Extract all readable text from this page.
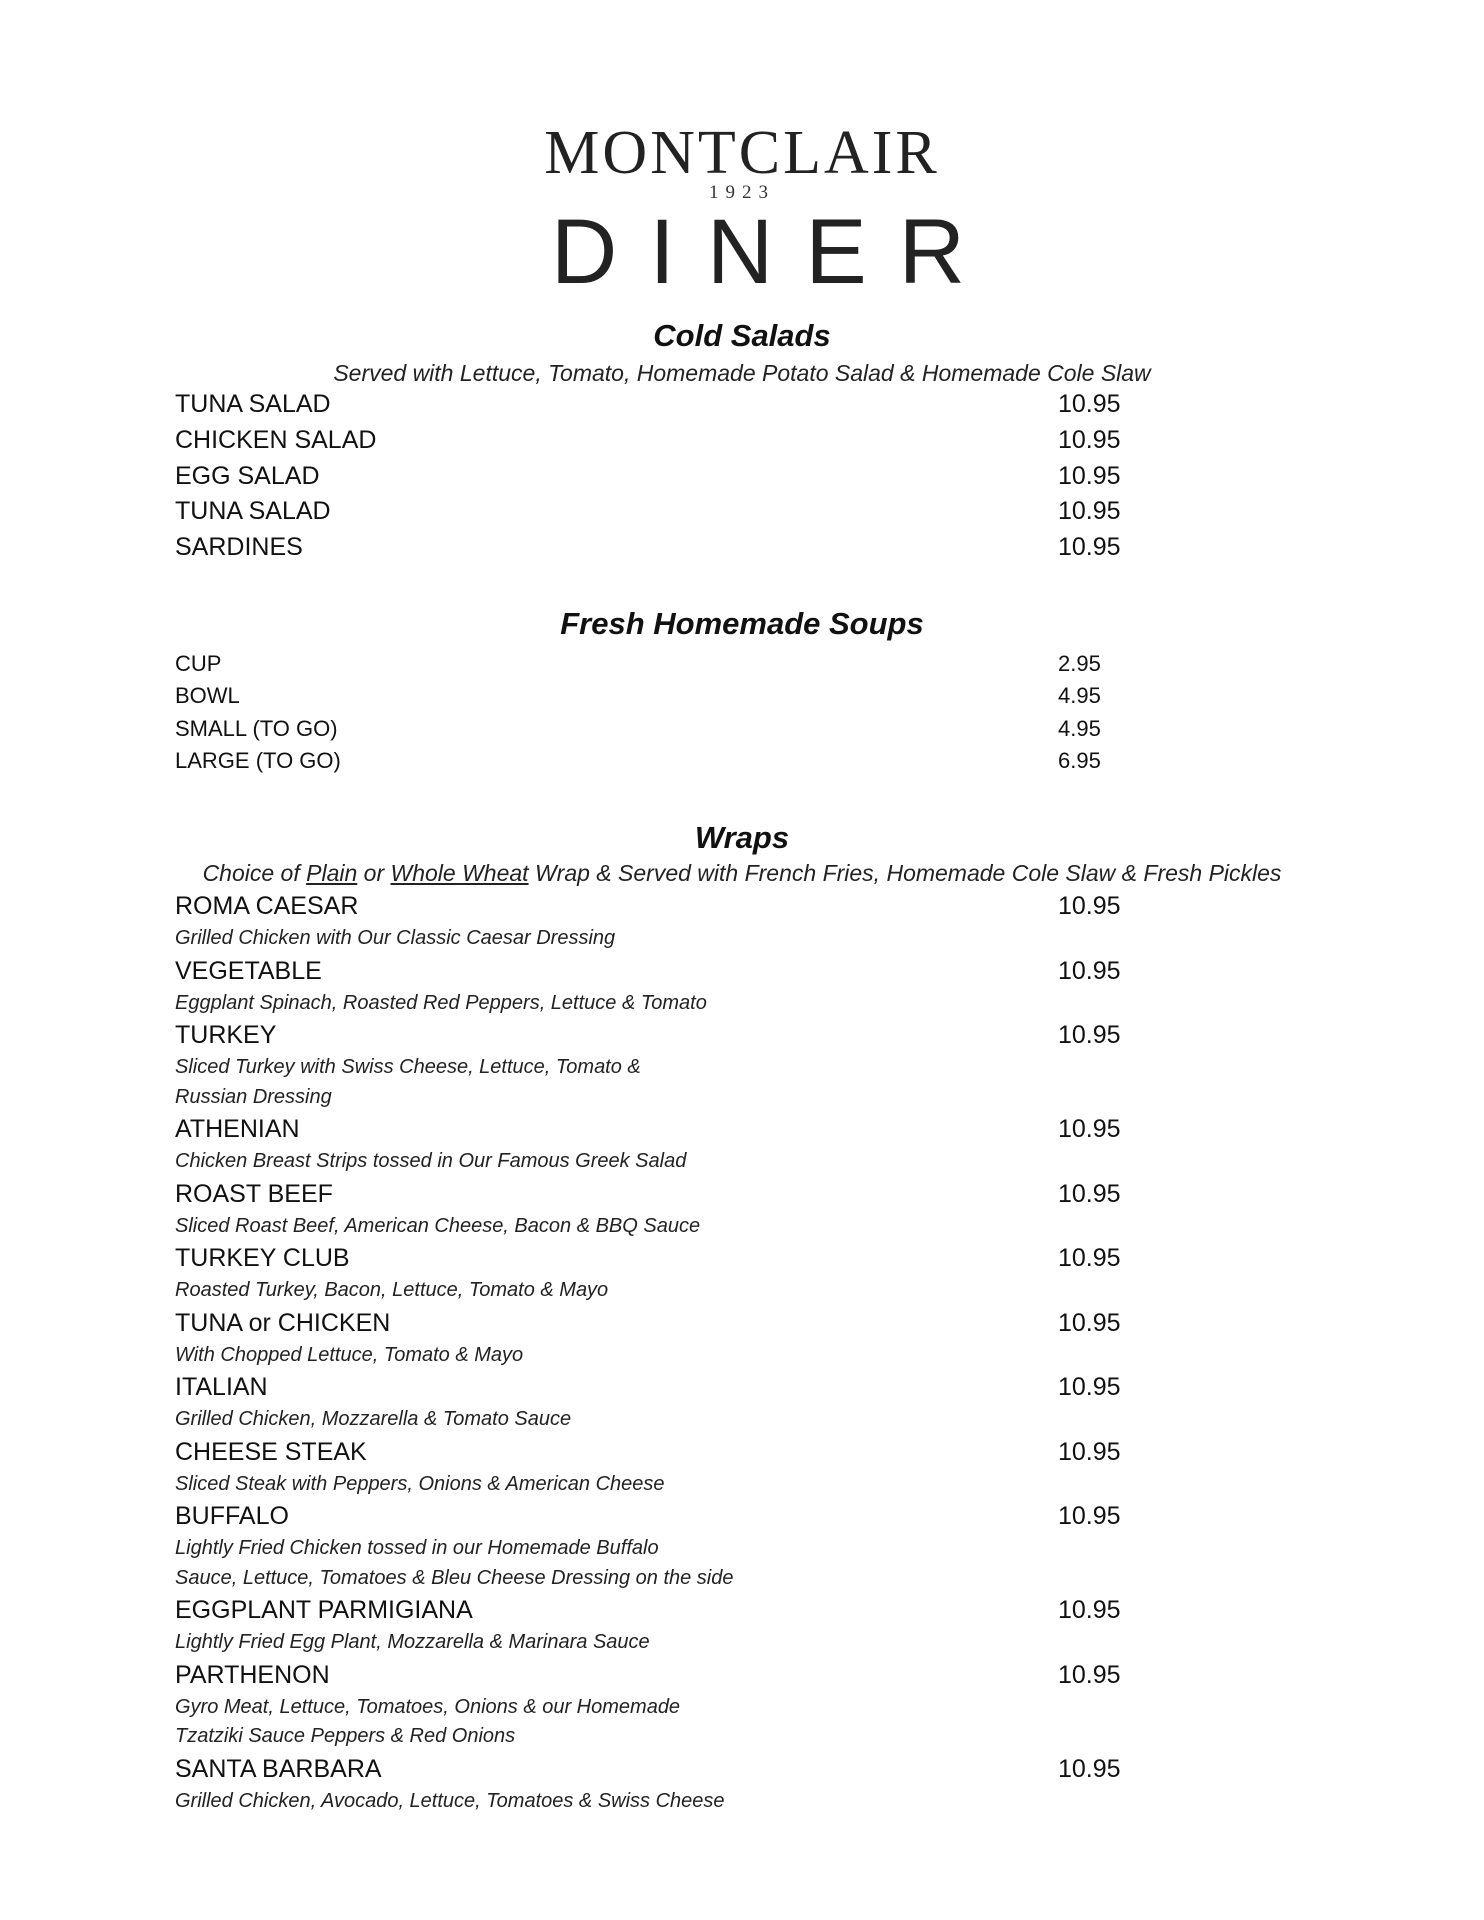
MONTCLAIR
1923
DINER
Cold Salads
Served with Lettuce, Tomato, Homemade Potato Salad & Homemade Cole Slaw
TUNA SALAD	10.95
CHICKEN SALAD	10.95
EGG SALAD	10.95
TUNA SALAD	10.95
SARDINES	10.95
Fresh Homemade Soups
CUP	2.95
BOWL	4.95
SMALL (TO GO)	4.95
LARGE (TO GO)	6.95
Wraps
Choice of Plain or Whole Wheat Wrap & Served with French Fries, Homemade Cole Slaw & Fresh Pickles
ROMA CAESAR	10.95
Grilled Chicken with Our Classic Caesar Dressing
VEGETABLE	10.95
Eggplant Spinach, Roasted Red Peppers, Lettuce & Tomato
TURKEY	10.95
Sliced Turkey with Swiss Cheese, Lettuce, Tomato &
Russian Dressing
ATHENIAN	10.95
Chicken Breast Strips tossed in Our Famous Greek Salad
ROAST BEEF	10.95
Sliced Roast Beef, American Cheese, Bacon & BBQ Sauce
TURKEY CLUB	10.95
Roasted Turkey, Bacon, Lettuce, Tomato & Mayo
TUNA or CHICKEN	10.95
With Chopped Lettuce, Tomato & Mayo
ITALIAN	10.95
Grilled Chicken, Mozzarella & Tomato Sauce
CHEESE STEAK	10.95
Sliced Steak with Peppers, Onions & American Cheese
BUFFALO	10.95
Lightly Fried Chicken tossed in our Homemade Buffalo
Sauce, Lettuce, Tomatoes & Bleu Cheese Dressing on the side
EGGPLANT PARMIGIANA	10.95
Lightly Fried Egg Plant, Mozzarella & Marinara Sauce
PARTHENON	10.95
Gyro Meat, Lettuce, Tomatoes, Onions & our Homemade
Tzatziki Sauce Peppers & Red Onions
SANTA BARBARA	10.95
Grilled Chicken, Avocado, Lettuce, Tomatoes & Swiss Cheese
